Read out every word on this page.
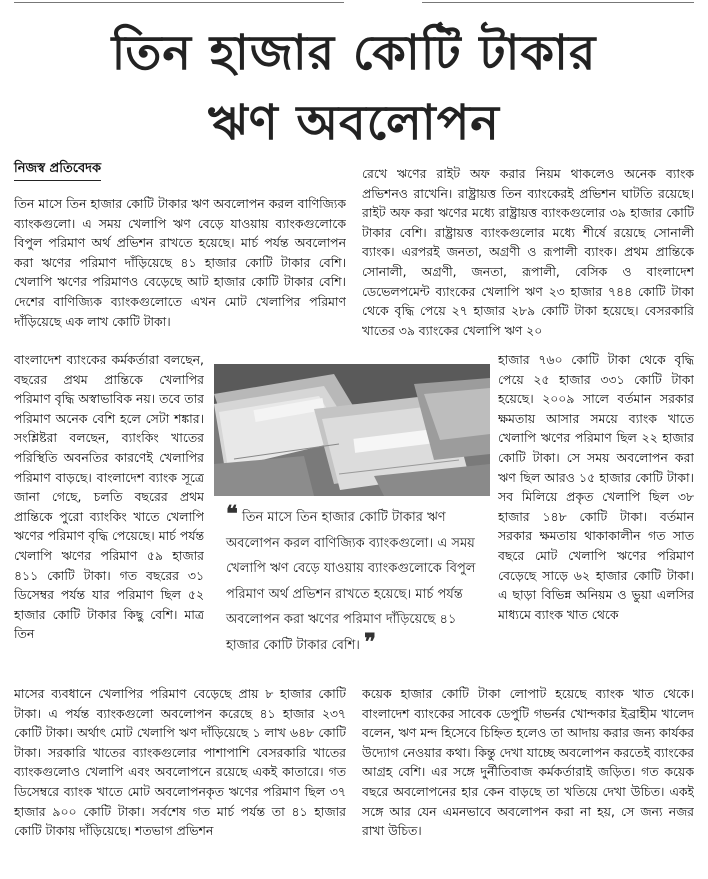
তিন হাজার কোটি টাকার
ঋণ অবলোপন
নিজস্ব প্রতিবেদক
তিন মাসে তিন হাজার কোটি টাকার ঋণ অবলোপন করল বাণিজ্যিক ব্যাংকগুলো। এ সময় খেলাপি ঋণ বেড়ে যাওয়ায় ব্যাংকগুলোকে বিপুল পরিমাণ অর্থ প্রভিশন রাখতে হয়েছে। মার্চ পর্যন্ত অবলোপন করা ঋণের পরিমাণ দাঁড়িয়েছে ৪১ হাজার কোটি টাকার বেশি। খেলাপি ঋণের পরিমাণও বেড়েছে আট হাজার কোটি টাকার বেশি। দেশের বাণিজ্যিক ব্যাংকগুলোতে এখন মোট খেলাপির পরিমাণ দাঁড়িয়েছে এক লাখ কোটি টাকা।
বাংলাদেশ ব্যাংকের কর্মকর্তারা বলছেন, বছরের প্রথম প্রান্তিকে খেলাপির পরিমাণ বৃদ্ধি অস্বাভাবিক নয়। তবে তার পরিমাণ অনেক বেশি হলে সেটা শঙ্কার। সংশ্লিষ্টরা বলছেন, ব্যাংকিং খাতের পরিস্থিতি অবনতির কারণেই খেলাপির পরিমাণ বাড়ছে। বাংলাদেশ ব্যাংক সূত্রে জানা গেছে, চলতি বছরের প্রথম প্রান্তিকে পুরো ব্যাংকিং খাতে খেলাপি ঋণের পরিমাণ বৃদ্ধি পেয়েছে। মার্চ পর্যন্ত খেলাপি ঋণের পরিমাণ ৫৯ হাজার ৪১১ কোটি টাকা। গত বছরের ৩১ ডিসেম্বর পর্যন্ত যার পরিমাণ ছিল ৫২ হাজার কোটি টাকার কিছু বেশি। মাত্র তিন
মাসের ব্যবধানে খেলাপির পরিমাণ বেড়েছে প্রায় ৮ হাজার কোটি টাকা। এ পর্যন্ত ব্যাংকগুলো অবলোপন করেছে ৪১ হাজার ২৩৭ কোটি টাকা। অর্থাৎ মোট খেলাপি ঋণ দাঁড়িয়েছে ১ লাখ ৬৪৮ কোটি টাকা। সরকারি খাতের ব্যাংকগুলোর পাশাপাশি বেসরকারি খাতের ব্যাংকগুলোও খেলাপি এবং অবলোপনে রয়েছে একই কাতারে। গত ডিসেম্বরে ব্যাংক খাতে মোট অবলোপনকৃত ঋণের পরিমাণ ছিল ৩৭ হাজার ৯০০ কোটি টাকা। সর্বশেষ গত মার্চ পর্যন্ত তা ৪১ হাজার কোটি টাকায় দাঁড়িয়েছে। শতভাগ প্রভিশন
রেখে ঋণের রাইট অফ করার নিয়ম থাকলেও অনেক ব্যাংক প্রভিশনও রাখেনি। রাষ্ট্রায়ত্ত তিন ব্যাংকেরই প্রভিশন ঘাটতি রয়েছে। রাইট অফ করা ঋণের মধ্যে রাষ্ট্রায়ত্ত ব্যাংকগুলোর ৩৯ হাজার কোটি টাকার বেশি। রাষ্ট্রায়ত্ত ব্যাংকগুলোর মধ্যে শীর্ষে রয়েছে সোনালী ব্যাংক। এরপরই জনতা, অগ্রণী ও রূপালী ব্যাংক। প্রথম প্রান্তিকে সোনালী, অগ্রণী, জনতা, রূপালী, বেসিক ও বাংলাদেশ ডেভেলপমেন্ট ব্যাংকের খেলাপি ঋণ ২৩ হাজার ৭৪৪ কোটি টাকা থেকে বৃদ্ধি পেয়ে ২৭ হাজার ২৮৯ কোটি টাকা হয়েছে। বেসরকারি খাতের ৩৯ ব্যাংকের খেলাপি ঋণ ২০
হাজার ৭৬০ কোটি টাকা থেকে বৃদ্ধি পেয়ে ২৫ হাজার ৩৩১ কোটি টাকা হয়েছে। ২০০৯ সালে বর্তমান সরকার ক্ষমতায় আসার সময়ে ব্যাংক খাতে খেলাপি ঋণের পরিমাণ ছিল ২২ হাজার কোটি টাকা। সে সময় অবলোপন করা ঋণ ছিল আরও ১৫ হাজার কোটি টাকা। সব মিলিয়ে প্রকৃত খেলাপি ছিল ৩৮ হাজার ১৪৮ কোটি টাকা। বর্তমান সরকার ক্ষমতায় থাকাকালীন গত সাত বছরে মোট খেলাপি ঋণের পরিমাণ বেড়েছে সাড়ে ৬২ হাজার কোটি টাকা। এ ছাড়া বিভিন্ন অনিয়ম ও ভুয়া এলসির মাধ্যমে ব্যাংক খাত থেকে
কয়েক হাজার কোটি টাকা লোপাট হয়েছে ব্যাংক খাত থেকে। বাংলাদেশ ব্যাংকের সাবেক ডেপুটি গভর্নর খোন্দকার ইব্রাহীম খালেদ বলেন, ঋণ মন্দ হিসেবে চিহ্নিত হলেও তা আদায় করার জন্য কার্যকর উদ্যোগ নেওয়ার কথা। কিন্তু দেখা যাচ্ছে অবলোপন করতেই ব্যাংকের আগ্রহ বেশি। এর সঙ্গে দুর্নীতিবাজ কর্মকর্তারাই জড়িত। গত কয়েক বছরে অবলোপনের হার কেন বাড়ছে তা খতিয়ে দেখা উচিত। একই সঙ্গে আর যেন এমনভাবে অবলোপন করা না হয়, সে জন্য নজর রাখা উচিত।
❝ তিন মাসে তিন হাজার কোটি টাকার ঋণ অবলোপন করল বাণিজ্যিক ব্যাংকগুলো। এ সময় খেলাপি ঋণ বেড়ে যাওয়ায় ব্যাংকগুলোকে বিপুল পরিমাণ অর্থ প্রভিশন রাখতে হয়েছে। মার্চ পর্যন্ত অবলোপন করা ঋণের পরিমাণ দাঁড়িয়েছে ৪১ হাজার কোটি টাকার বেশি। ❞
